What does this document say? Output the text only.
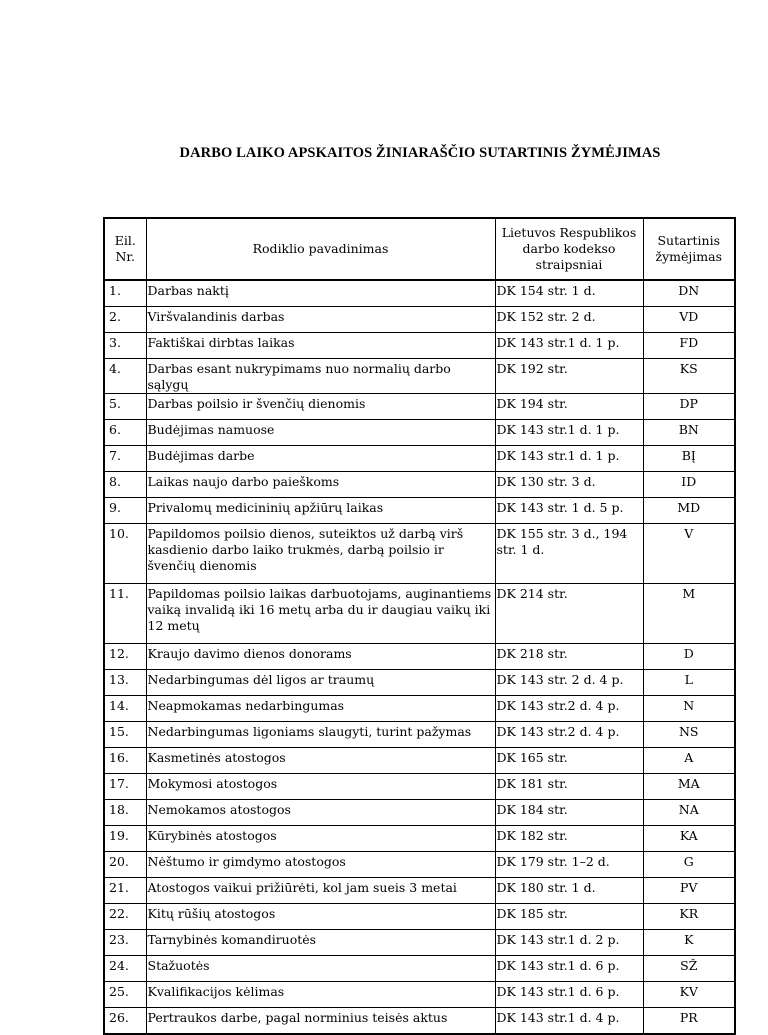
DARBO LAIKO APSKAITOS ŽINIARAŠČIO SUTARTINIS ŽYMĖJIMAS
Eil. Nr.	Rodiklio pavadinimas	Lietuvos Respublikos darbo kodekso straipsniai	Sutartinis žymėjimas
1.	Darbas naktį	DK 154 str. 1 d.	DN
2.	Viršvalandinis darbas	DK 152 str. 2 d.	VD
3.	Faktiškai dirbtas laikas	DK 143 str.1 d. 1 p.	FD
4.	Darbas esant nukrypimams nuo normalių darbo sąlygų	DK 192 str.	KS
5.	Darbas poilsio ir švenčių dienomis	DK 194 str.	DP
6.	Budėjimas namuose	DK 143 str.1 d. 1 p.	BN
7.	Budėjimas darbe	DK 143 str.1 d. 1 p.	BĮ
8.	Laikas naujo darbo paieškoms	DK 130 str. 3 d.	ID
9.	Privalomų medicininių apžiūrų laikas	DK 143 str. 1 d. 5 p.	MD
10.	Papildomos poilsio dienos, suteiktos už darbą virš kasdienio darbo laiko trukmės, darbą poilsio ir švenčių dienomis	DK 155 str. 3 d., 194 str. 1 d.	V
11.	Papildomas poilsio laikas darbuotojams, auginantiems vaiką invalidą iki 16 metų arba du ir daugiau vaikų iki 12 metų	DK 214 str.	M
12.	Kraujo davimo dienos donorams	DK 218 str.	D
13.	Nedarbingumas dėl ligos ar traumų	DK 143 str. 2 d. 4 p.	L
14.	Neapmokamas nedarbingumas	DK 143 str.2 d. 4 p.	N
15.	Nedarbingumas ligoniams slaugyti, turint pažymas	DK 143 str.2 d. 4 p.	NS
16.	Kasmetinės atostogos	DK 165 str.	A
17.	Mokymosi atostogos	DK 181 str.	MA
18.	Nemokamos atostogos	DK 184 str.	NA
19.	Kūrybinės atostogos	DK 182 str.	KA
20.	Nėštumo ir gimdymo atostogos	DK 179 str. 1–2 d.	G
21.	Atostogos vaikui prižiūrėti, kol jam sueis 3 metai	DK 180 str. 1 d.	PV
22.	Kitų rūšių atostogos	DK 185 str.	KR
23.	Tarnybinės komandiruotės	DK 143 str.1 d. 2 p.	K
24.	Stažuotės	DK 143 str.1 d. 6 p.	SŽ
25.	Kvalifikacijos kėlimas	DK 143 str.1 d. 6 p.	KV
26.	Pertraukos darbe, pagal norminius teisės aktus	DK 143 str.1 d. 4 p.	PR
